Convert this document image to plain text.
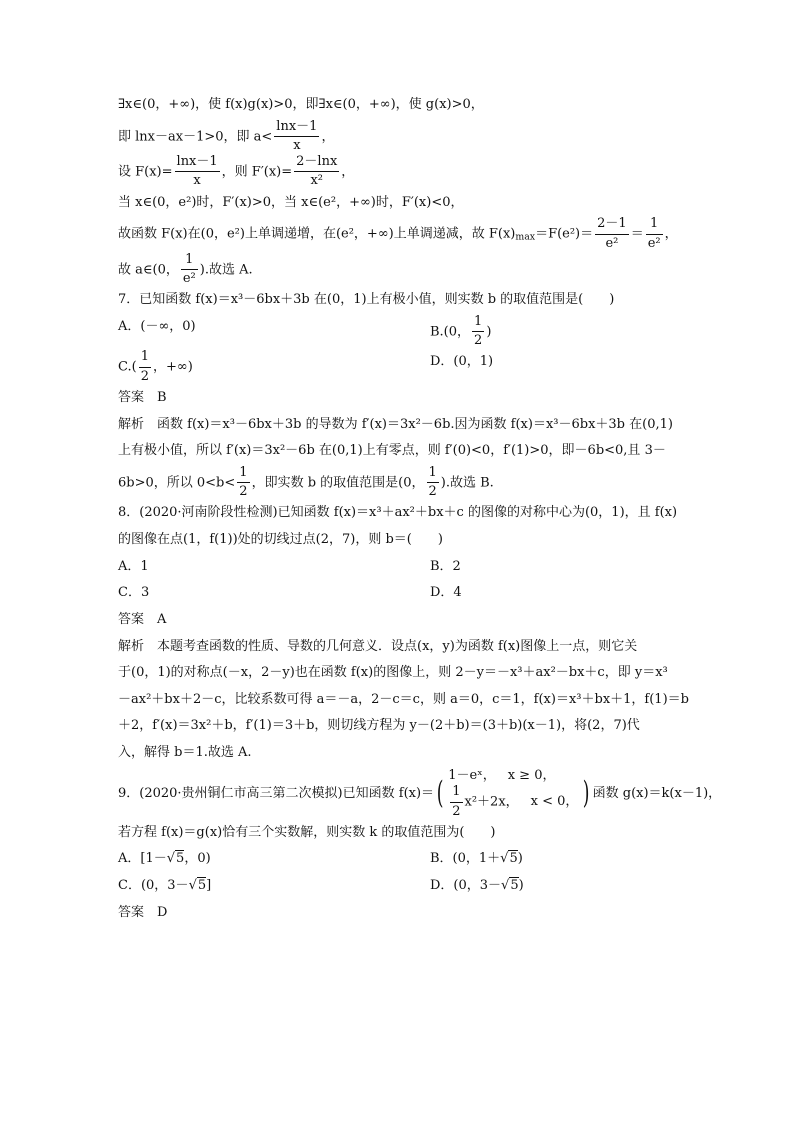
∃x∈(0，+∞)，使 f(x)g(x)>0，即∃x∈(0，+∞)，使 g(x)>0，
即 lnx－ax－1>0，即 $a< \frac{\ln x-1}{x}$ ，
设 $F(x)= \frac{\ln x-1}{x}$ ，则 $F'(x)= \frac{2-\ln x}{\text{x²}}$ ，
当 x∈(0，e²)时，F′(x)>0，当 x∈(e²，+∞)时，F′(x)<0，
故函数 F(x)在(0，e²)上单调递增，在(e²，+∞)上单调递减，故 $F(x)_{max}=F(e^2)= \frac{2-1}{\text{e²}} = \frac{1}{\text{e²}}$ ，
故 a∈(0， $\frac{1}{\text{e²}}$ ).故选 A.
7．已知函数 f(x)＝x³－6bx＋3b 在(0，1)上有极小值，则实数 b 的取值范围是(　　)
A．(－∞，0)	B.(0， $\frac{1}{2}$ )
$C.( \frac{1}{2}$ ，+∞)	D．(0，1)
答案　B
解析　函数 f(x)＝x³－6bx＋3b 的导数为 f′(x)＝3x²－6b.因为函数 f(x)＝x³－6bx＋3b 在(0,1)
上有极小值，所以 f′(x)＝3x²－6b 在(0,1)上有零点，则 f′(0)<0，f′(1)>0，即－6b<0,且 3－
6b>0，所以 $0<b< \frac{1}{2}$ ，即实数 b 的取值范围是(0， $\frac{1}{2}$ ).故选 B.
8．(2020·河南阶段性检测)已知函数 f(x)＝x³＋ax²＋bx＋c 的图像的对称中心为(0，1)，且 f(x)
的图像在点(1，f(1))处的切线过点(2，7)，则 b＝(　　)
A．1	B．2
C．3	D．4
答案　A
解析　本题考查函数的性质、导数的几何意义．设点(x，y)为函数 f(x)图像上一点，则它关
于(0，1)的对称点(－x，2－y)也在函数 f(x)的图像上，则 2－y＝－x³＋ax²－bx＋c，即 y＝x³
－ax²＋bx＋2－c，比较系数可得 a＝－a，2－c＝c，则 a＝0，c＝1，f(x)＝x³＋bx＋1，f(1)＝b
＋2，f′(x)＝3x²＋b，f′(1)＝3＋b，则切线方程为 y－(2＋b)＝(3＋b)(x－1)，将(2，7)代
入，解得 b＝1.故选 A.
9．(2020·贵州铜仁市高三第二次模拟)已知函数 f(x)＝( 1－eˣ， x ≥ 0，
$\frac{1}{2} x^2+2x$， x < 0， ) 函数 g(x)＝k(x－1)，
若方程 f(x)＝g(x)恰有三个实数解，则实数 k 的取值范围为(　　)
A．[1－√5，0)	B．(0，1＋√5)
C．(0，3－√5]	D．(0，3－√5)
答案　D
